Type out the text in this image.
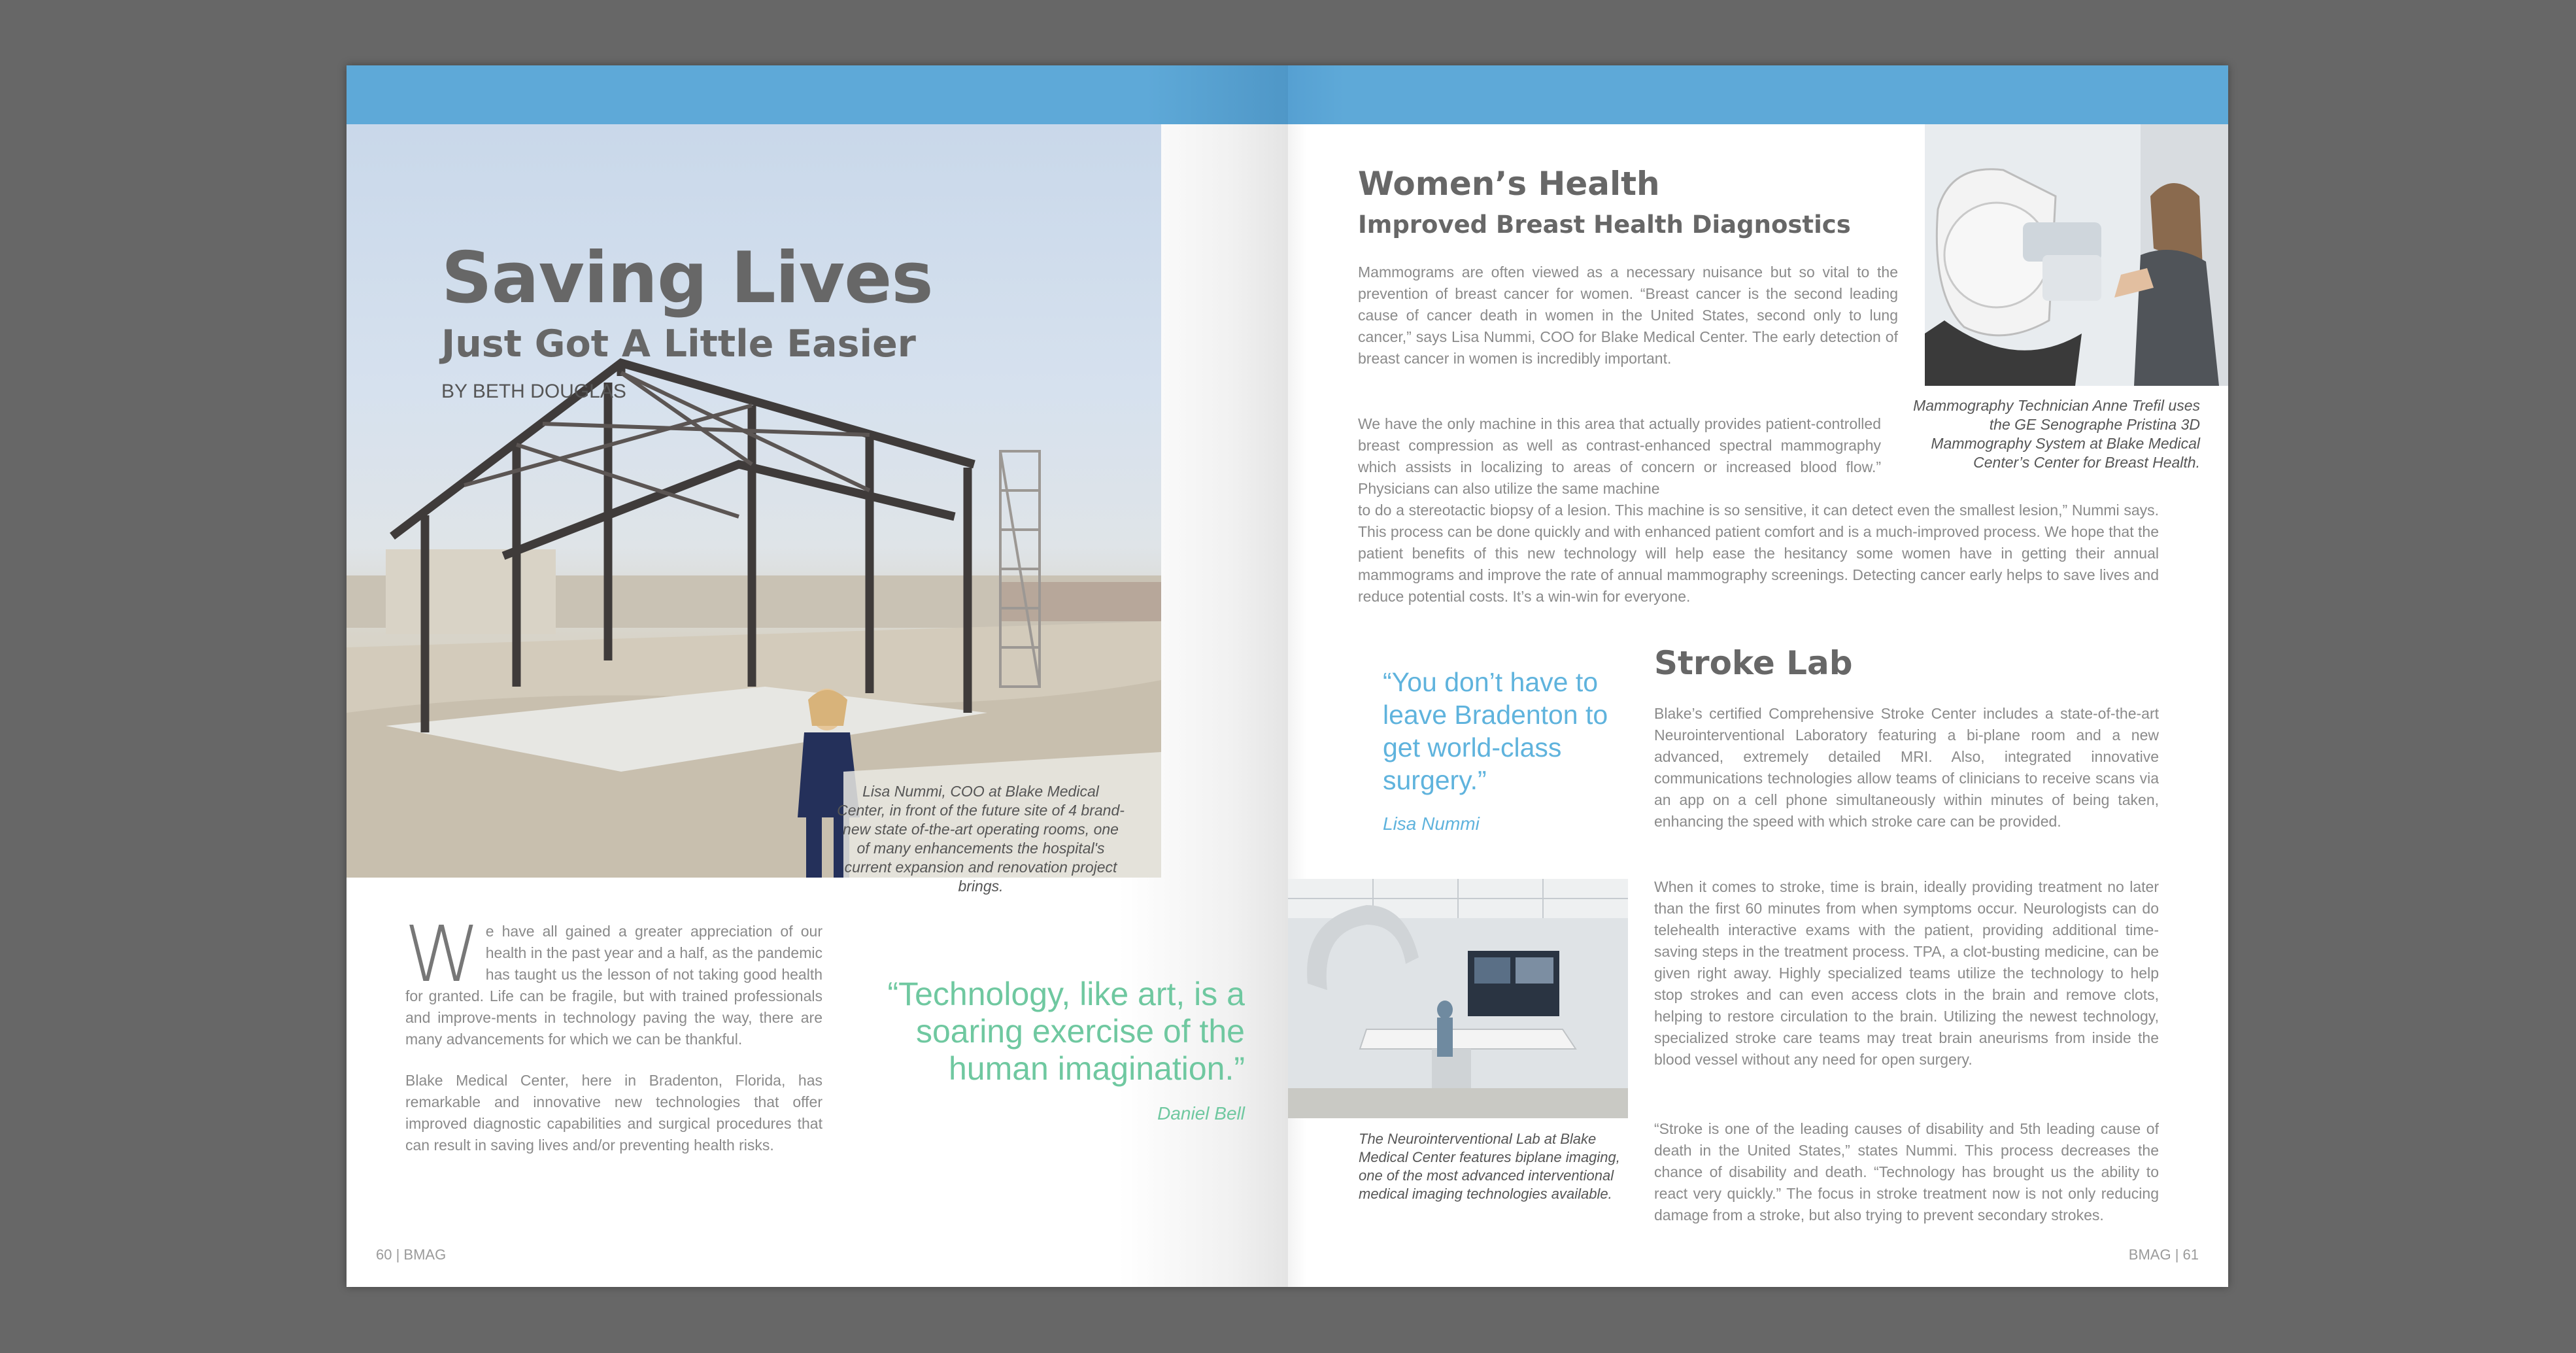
Saving Lives
Just Got A Little Easier
BY BETH DOUGLAS
Lisa Nummi, COO at Blake Medical Center, in front of the future site of 4 brand-new state of-the-art operating rooms, one of many enhancements the hospital's current expansion and renovation project brings.

We have all gained a greater appreciation of our health in the past year and a half, as the pandemic has taught us the lesson of not taking good health for granted. Life can be fragile, but with trained professionals and improve-ments in technology paving the way, there are many advancements for which we can be thankful.

Blake Medical Center, here in Bradenton, Florida, has remarkable and innovative new technologies that offer improved diagnostic capabilities and surgical procedures that can result in saving lives and/or preventing health risks.

“Technology, like art, is a soaring exercise of the human imagination.”
Daniel Bell
60 | BMAG
Women’s Health
Improved Breast Health Diagnostics
Mammograms are often viewed as a necessary nuisance but so vital to the prevention of breast cancer for women. “Breast cancer is the second leading cause of cancer death in women in the United States, second only to lung cancer,” says Lisa Nummi, COO for Blake Medical Center. The early detection of breast cancer in women is incredibly important.
We have the only machine in this area that actually provides patient-controlled breast compression as well as contrast-enhanced spectral mammography which assists in localizing to areas of concern or increased blood flow.” Physicians can also utilize the same machine
to do a stereotactic biopsy of a lesion. This machine is so sensitive, it can detect even the smallest lesion,” Nummi says. This process can be done quickly and with enhanced patient comfort and is a much-improved process. We hope that the patient benefits of this new technology will help ease the hesitancy some women have in getting their annual mammograms and improve the rate of annual mammography screenings. Detecting cancer early helps to save lives and reduce potential costs. It’s a win-win for everyone.
Mammography Technician Anne Trefil uses the GE Senographe Pristina 3D Mammography System at Blake Medical Center’s Center for Breast Health.
“You don’t have to leave Bradenton to get world-class surgery.”
Lisa Nummi
Stroke Lab
Blake’s certified Comprehensive Stroke Center includes a state-of-the-art Neurointerventional Laboratory featuring a bi-plane room and a new advanced, extremely detailed MRI. Also, integrated innovative communications technologies allow teams of clinicians to receive scans via an app on a cell phone simultaneously within minutes of being taken, enhancing the speed with which stroke care can be provided.
When it comes to stroke, time is brain, ideally providing treatment no later than the first 60 minutes from when symptoms occur. Neurologists can do telehealth interactive exams with the patient, providing additional time-saving steps in the treatment process. TPA, a clot-busting medicine, can be given right away. Highly specialized teams utilize the technology to help stop strokes and can even access clots in the brain and remove clots, helping to restore circulation to the brain. Utilizing the newest technology, specialized stroke care teams may treat brain aneurisms from inside the blood vessel without any need for open surgery.
“Stroke is one of the leading causes of disability and 5th leading cause of death in the United States,” states Nummi. This process decreases the chance of disability and death. “Technology has brought us the ability to react very quickly.” The focus in stroke treatment now is not only reducing damage from a stroke, but also trying to prevent secondary strokes.
The Neurointerventional Lab at Blake Medical Center features biplane imaging, one of the most advanced interventional medical imaging technologies available.
BMAG | 61
